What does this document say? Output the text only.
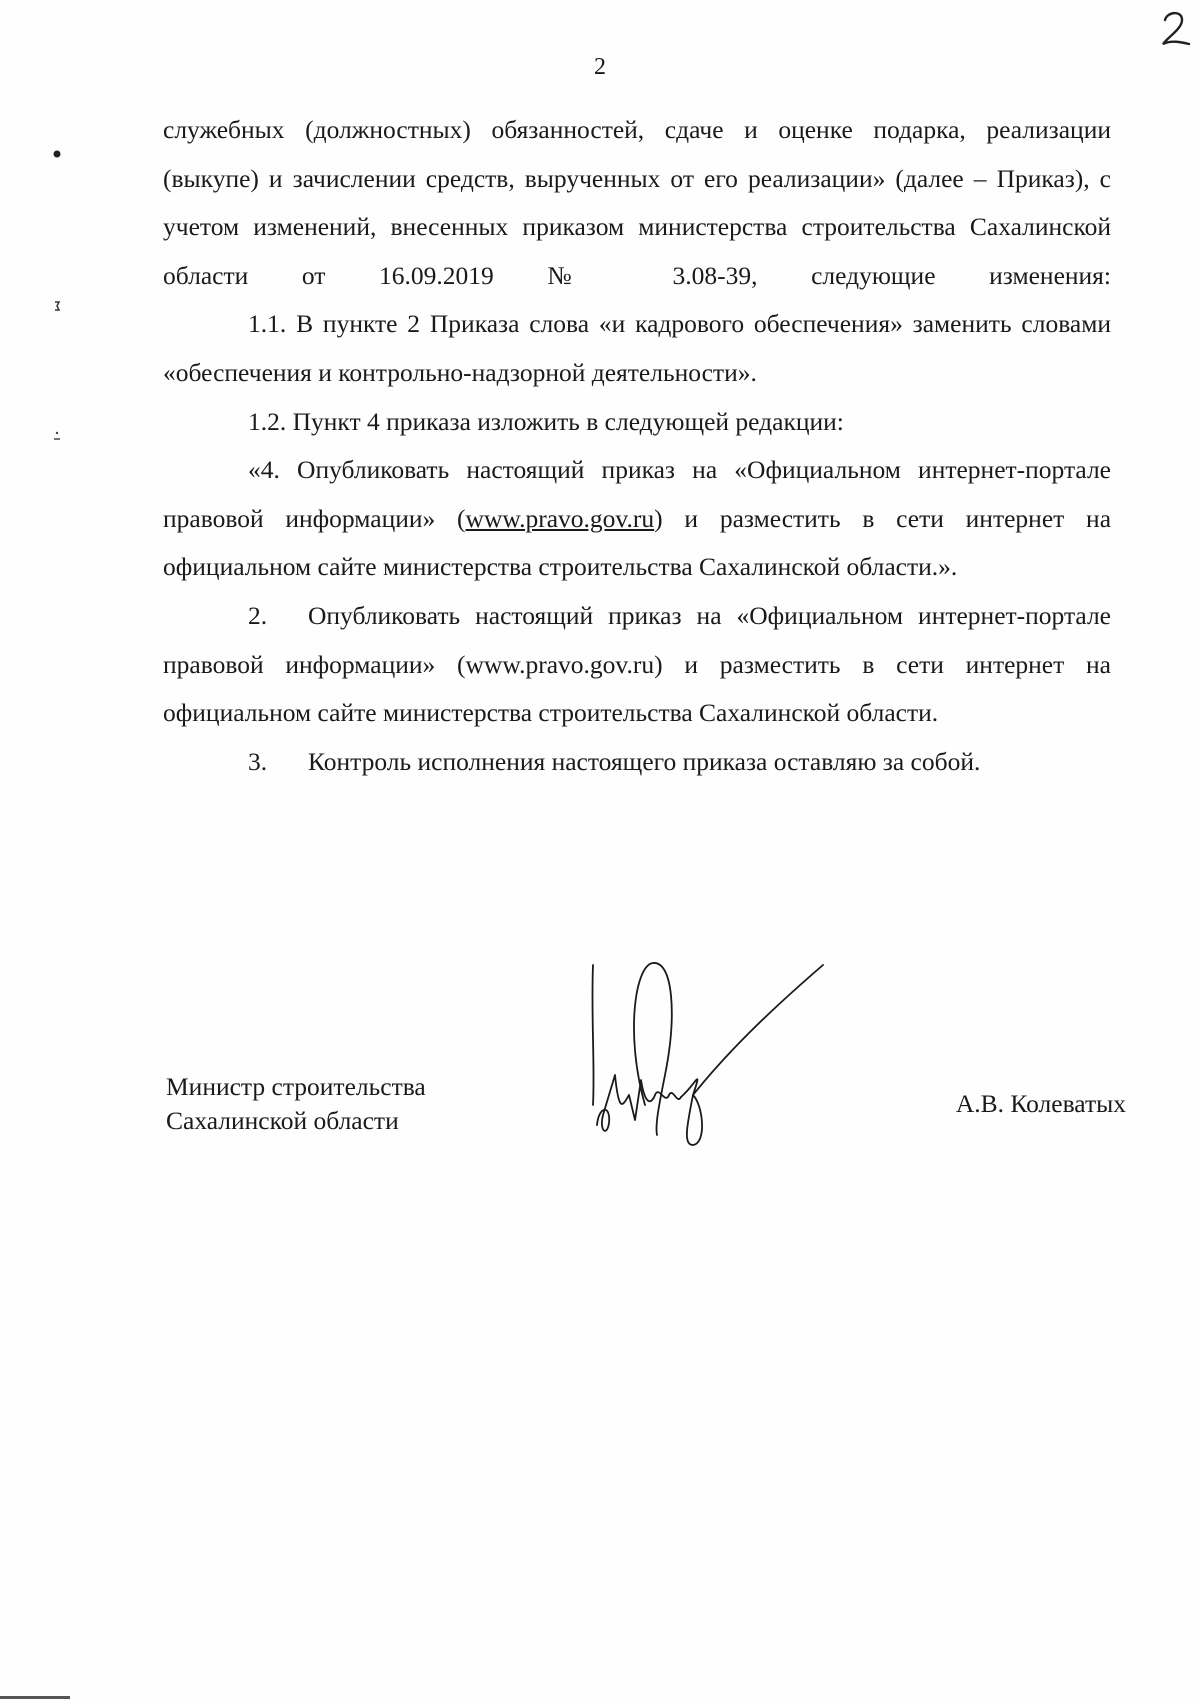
2

служебных (должностных) обязанностей, сдаче и оценке подарка, реализации (выкупе) и зачислении средств, вырученных от его реализации» (далее – Приказ), с учетом изменений, внесенных приказом министерства строительства Сахалинской области от 16.09.2019 № 3.08-39, следующие изменения:

1.1. В пункте 2 Приказа слова «и кадрового обеспечения» заменить словами «обеспечения и контрольно-надзорной деятельности».

1.2. Пункт 4 приказа изложить в следующей редакции:

«4. Опубликовать настоящий приказ на «Официальном интернет-портале правовой информации» (www.pravo.gov.ru) и разместить в сети интернет на официальном сайте министерства строительства Сахалинской области.».

2. Опубликовать настоящий приказ на «Официальном интернет-портале правовой информации» (www.pravo.gov.ru) и разместить в сети интернет на официальном сайте министерства строительства Сахалинской области.

3. Контроль исполнения настоящего приказа оставляю за собой.

Министр строительства
Сахалинской области
А.В. Колеватых
